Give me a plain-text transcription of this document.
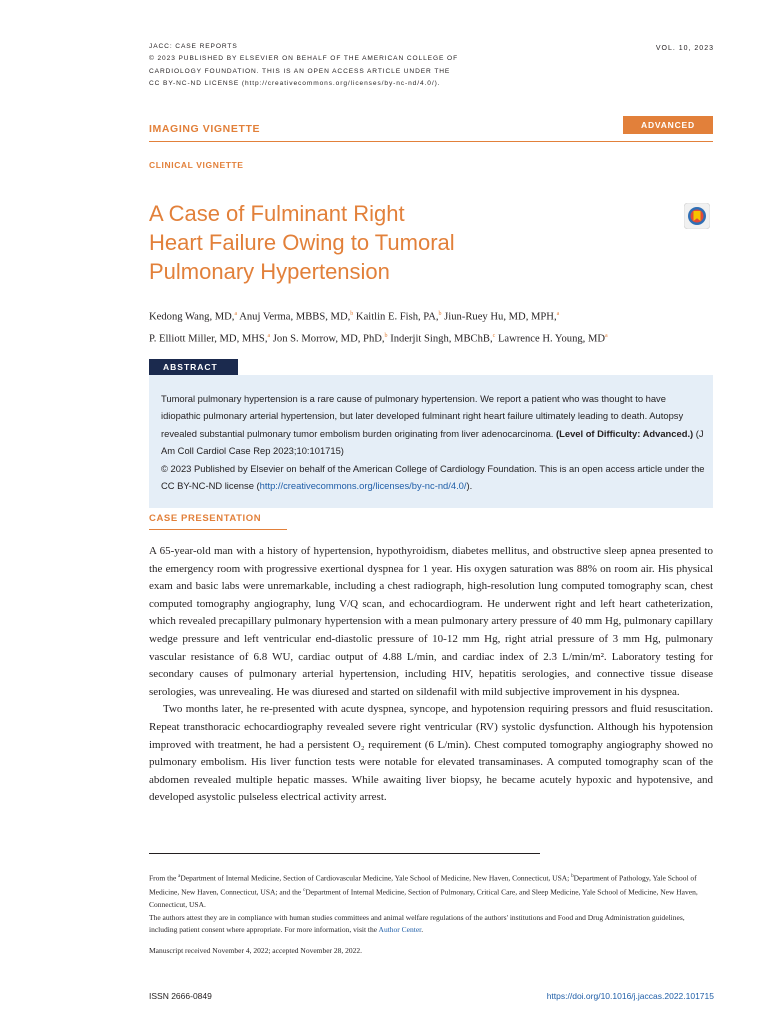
JACC: CASE REPORTS
© 2023 PUBLISHED BY ELSEVIER ON BEHALF OF THE AMERICAN COLLEGE OF
CARDIOLOGY FOUNDATION. THIS IS AN OPEN ACCESS ARTICLE UNDER THE
CC BY-NC-ND LICENSE (http://creativecommons.org/licenses/by-nc-nd/4.0/).
VOL. 10, 2023
IMAGING VIGNETTE	ADVANCED
CLINICAL VIGNETTE
A Case of Fulminant Right
Heart Failure Owing to Tumoral
Pulmonary Hypertension
Kedong Wang, MD,$^a$ Anuj Verma, MBBS, MD,$^b$ Kaitlin E. Fish, PA,$^b$ Jiun-Ruey Hu, MD, MPH,$^a$
P. Elliott Miller, MD, MHS,$^a$ Jon S. Morrow, MD, PhD,$^b$ Inderjit Singh, MBChB,$^c$ Lawrence H. Young, $MD^a$
ABSTRACT
Tumoral pulmonary hypertension is a rare cause of pulmonary hypertension. We report a patient who was thought to have idiopathic pulmonary arterial hypertension, but later developed fulminant right heart failure ultimately leading to death. Autopsy revealed substantial pulmonary tumor embolism burden originating from liver adenocarcinoma. (Level of Difficulty: Advanced.) (J Am Coll Cardiol Case Rep 2023;10:101715)
© 2023 Published by Elsevier on behalf of the American College of Cardiology Foundation. This is an open access article under the CC BY-NC-ND license (http://creativecommons.org/licenses/by-nc-nd/4.0/).
CASE PRESENTATION

A 65-year-old man with a history of hypertension, hypothyroidism, diabetes mellitus, and obstructive sleep apnea presented to the emergency room with progressive exertional dyspnea for 1 year. His oxygen saturation was 88% on room air. His physical exam and basic labs were unremarkable, including a chest radiograph, high-resolution lung computed tomography scan, chest computed tomography angiography, lung V/Q scan, and echocardiogram. He underwent right and left heart catheterization, which revealed precapillary pulmonary hypertension with a mean pulmonary artery pressure of 40 mm Hg, pulmonary capillary wedge pressure and left ventricular end-diastolic pressure of 10-12 mm Hg, right atrial pressure of 3 mm Hg, pulmonary vascular resistance of 6.8 WU, cardiac output of 4.88 L/min, and cardiac index of 2.3 L/min/m². Laboratory testing for secondary causes of pulmonary arterial hypertension, including HIV, hepatitis serologies, and connective tissue disease serologies, was unrevealing. He was diuresed and started on sildenafil with mild subjective improvement in his dyspnea.

Two months later, he re-presented with acute dyspnea, syncope, and hypotension requiring pressors and fluid resuscitation. Repeat transthoracic echocardiography revealed severe right ventricular (RV) systolic dysfunction. Although his hypotension improved with treatment, he had a persistent O₂ requirement (6 L/min). Chest computed tomography angiography showed no pulmonary embolism. His liver function tests were notable for elevated transaminases. A computed tomography scan of the abdomen revealed multiple hepatic masses. While awaiting liver biopsy, he became acutely hypoxic and hypotensive, and developed asystolic pulseless electrical activity arrest.

From the $^a$Department of Internal Medicine, Section of Cardiovascular Medicine, Yale School of Medicine, New Haven, Connecticut, USA; $^b$Department of Pathology, Yale School of Medicine, New Haven, Connecticut, USA; and the $^c$Department of Internal Medicine, Section of Pulmonary, Critical Care, and Sleep Medicine, Yale School of Medicine, New Haven, Connecticut, USA.

The authors attest they are in compliance with human studies committees and animal welfare regulations of the authors' institutions and Food and Drug Administration guidelines, including patient consent where appropriate. For more information, visit the Author Center.

Manuscript received November 4, 2022; accepted November 28, 2022.

ISSN 2666-0849	https://doi.org/10.1016/j.jaccas.2022.101715
